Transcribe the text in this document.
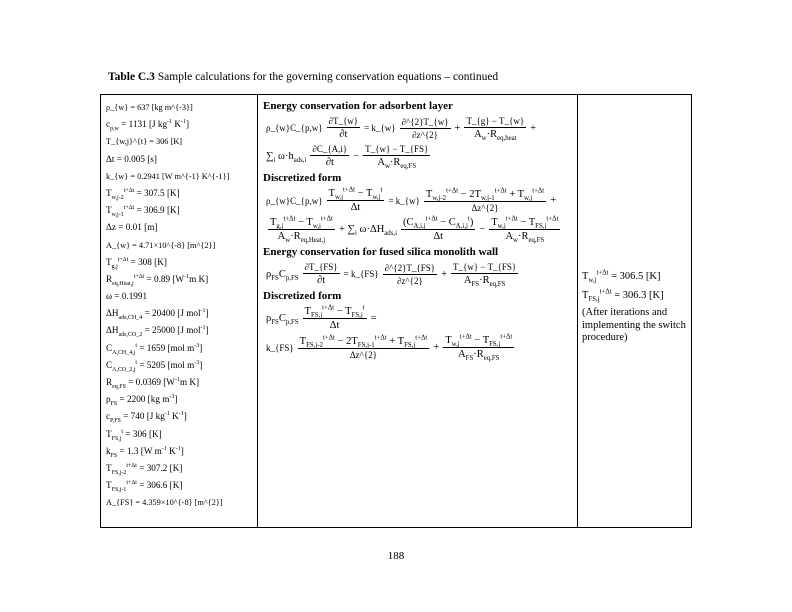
Table C.3 Sample calculations for the governing conservation equations – continued
ρ_{w} = 637 [kg m^{-3}]
$c_{p,w} = 1131$ [J $kg^{-1}$ $K^{-1}$]
T_{w,j}^{t} = 306 [K]
Δt = 0.005 [s]
k_{w} = 0.2941 [W m^{-1} K^{-1}]
$T_{w,j-2}^{t+\Delta t} = 307.5$ [K]
$T_{w,j-1}^{t+\Delta t} = 306.9$ [K]
Δz = 0.01 [m]
A_{w} = 4.71×10^{-8} [m^{2}]
$T_{g,j}^{t+\Delta t} = 308$ [K]
$R_{eq,Heat,j}^{t+\Delta t} = 0.89$ [$W^{-1}m$ K]
ω = 0.1991
$\Delta H_{ads,CH\_4} = 20400$ [J mol$^{-1}$]
$\Delta H_{ads,CO\_2} = 25000$ [J mol$^{-1}$]
$C_{A,CH\_4,j}^t = 1659$ [mol $m^{-3}$]
$C_{A,CO\_2,j}^t = 5205$ [mol $m^{-3}$]
$R_{eq,FS} = 0.0369$ [$W^{-1}m$ K]
$\rho_{FS} = 2200$ [kg $m^{-3}$]
$c_{P,FS} = 740$ [J $kg^{-1}$ $K^{-1}$]
$T_{FS,j}^t = 306$ [K]
$k_{FS} = 1.3$ [W $m^{-1}$ $K^{-1}$]
$T_{FS,j-2}^{t+\Delta t} = 307.2$ [K]
$T_{FS,j-1}^{t+\Delta t} = 306.6$ [K]
A_{FS} = 4.359×10^{-8} [m^{2}]
Energy conservation for adsorbent layer
ρ_{w}C_{p,w} $\frac{\partial T\_\{w\}}{\partial t}$ = k_{w} $\frac{\partial\^{}\{2\}T\_\{w\}}{\partial z\^{}\{2\}}$ +
T_{g} − T_{w}
$A_w\cdot R_{eq,heat}$
+
$\sum_i$ $\omega\cdot h_{ads,i} \frac{\partial C\_\{A,i\}}{\partial t}$ −
T_{w} − T_{FS}
$A_w\cdot R_{eq,FS}$
Discretized form
ρ_{w}C_{p,w} $\frac{T_{w,j}^{t+\Delta t} - T_{w,j}^t}{\Delta t}$ = k_{w} $\frac{T_{w,j-2}^{t+\Delta t} - 2T_{w,j-1}^{t+\Delta t} + T_{w,j}^{t+\Delta t}}{\Delta z\^{}\{2\}}$ +
$T_{g,j}^{t+\Delta t} - T_{w,j}^{t+\Delta t}$
$A_w\cdot R_{eq,Heat,j}$
+ $\sum_i$ $\omega\cdot\Delta H_{ads,i} \frac{(C_{A,i,j}^{t+\Delta t} - C_{A,i,j}^t)}{\Delta t}$ −
$T_{w,j}^{t+\Delta t} - T_{FS,j}^{t+\Delta t}$
$A_w\cdot R_{eq,FS}$
Energy conservation for fused silica monolith wall
$\rho_{FS}C_{p,FS} \frac{\partial T\_\{FS\}}{\partial t}$ = k_{FS} $\frac{\partial\^{}\{2\}T\_\{FS\}}{\partial z\^{}\{2\}}$ +
T_{w} − T_{FS}
$A_{FS}\cdot R_{eq,FS}$
Discretized form
$\rho_{FS}C_{p,FS}$
$T_{FS,j}^{t+\Delta t} - T_{FS,j}^t$
Δt
=
k_{FS}
$T_{FS,j-2}^{t+\Delta t} - 2T_{FS,j-1}^{t+\Delta t} + T_{FS,j}^{t+\Delta t}$
Δz^{2}
+
$T_{w,j}^{t+\Delta t} - T_{FS,j}^{t+\Delta t}$
$A_{FS}\cdot R_{eq,FS}$
$T_{w,j}^{t+\Delta t} = 306.5$ [K]
$T_{FS,j}^{t+\Delta t} = 306.3$ [K]
(After iterations and implementing the switch procedure)
188
